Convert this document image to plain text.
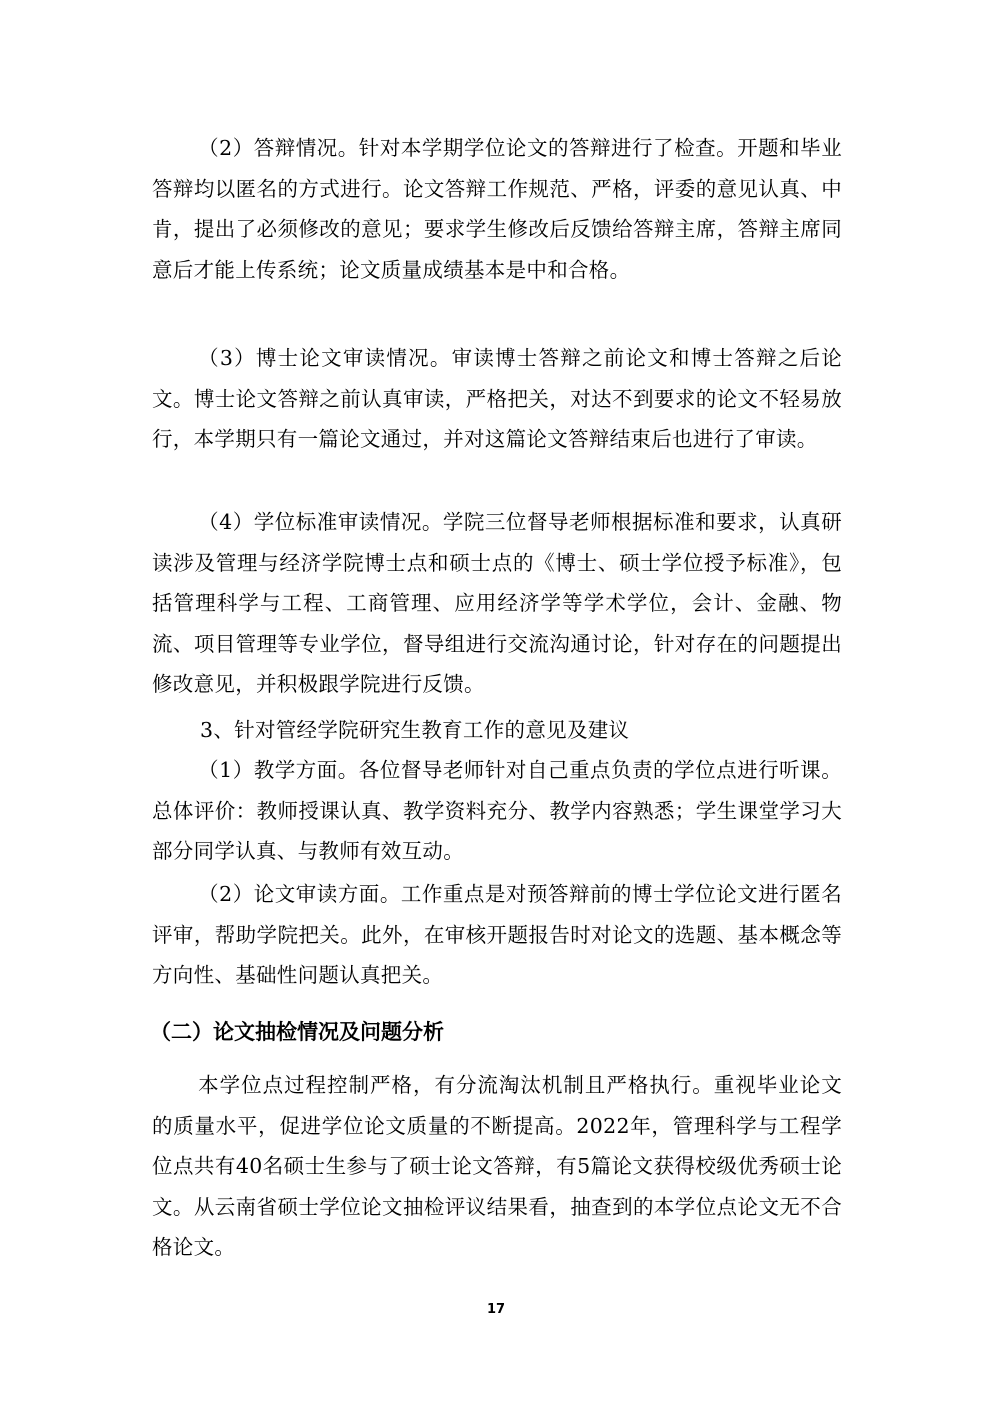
（2）答辩情况。针对本学期学位论文的答辩进行了检查。开题和毕业答辩均以匿名的方式进行。论文答辩工作规范、严格，评委的意见认真、中肯，提出了必须修改的意见；要求学生修改后反馈给答辩主席，答辩主席同意后才能上传系统；论文质量成绩基本是中和合格。

（3）博士论文审读情况。审读博士答辩之前论文和博士答辩之后论文。博士论文答辩之前认真审读，严格把关，对达不到要求的论文不轻易放行，本学期只有一篇论文通过，并对这篇论文答辩结束后也进行了审读。

（4）学位标准审读情况。学院三位督导老师根据标准和要求，认真研读涉及管理与经济学院博士点和硕士点的《博士、硕士学位授予标准》，包括管理科学与工程、工商管理、应用经济学等学术学位，会计、金融、物流、项目管理等专业学位，督导组进行交流沟通讨论，针对存在的问题提出修改意见，并积极跟学院进行反馈。

3、针对管经学院研究生教育工作的意见及建议

（1）教学方面。各位督导老师针对自己重点负责的学位点进行听课。总体评价：教师授课认真、教学资料充分、教学内容熟悉；学生课堂学习大部分同学认真、与教师有效互动。

（2）论文审读方面。工作重点是对预答辩前的博士学位论文进行匿名评审，帮助学院把关。此外，在审核开题报告时对论文的选题、基本概念等方向性、基础性问题认真把关。

（二）论文抽检情况及问题分析

本学位点过程控制严格，有分流淘汰机制且严格执行。重视毕业论文的质量水平，促进学位论文质量的不断提高。2022年，管理科学与工程学位点共有40名硕士生参与了硕士论文答辩，有5篇论文获得校级优秀硕士论文。从云南省硕士学位论文抽检评议结果看，抽查到的本学位点论文无不合格论文。

17
